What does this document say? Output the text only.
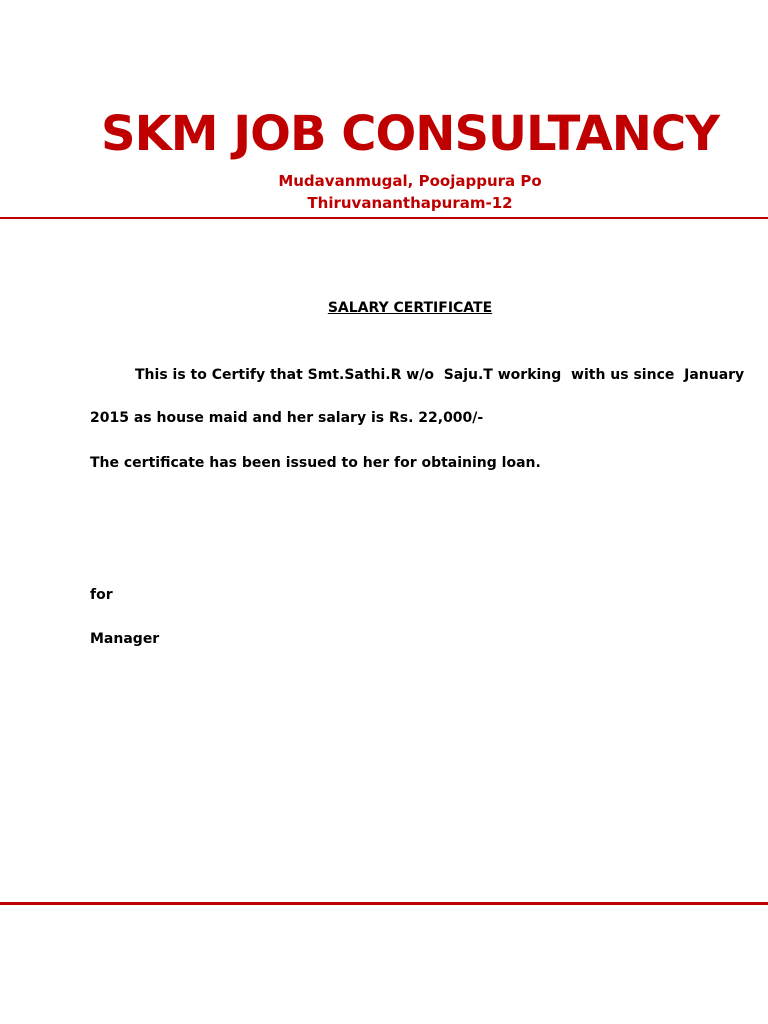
SKM JOB CONSULTANCY
Mudavanmugal, Poojappura Po
Thiruvananthapuram-12
SALARY CERTIFICATE
This is to Certify that Smt.Sathi.R w/o  Saju.T working  with us since  January
2015 as house maid and her salary is Rs. 22,000/-
The certificate has been issued to her for obtaining loan.
for
Manager
